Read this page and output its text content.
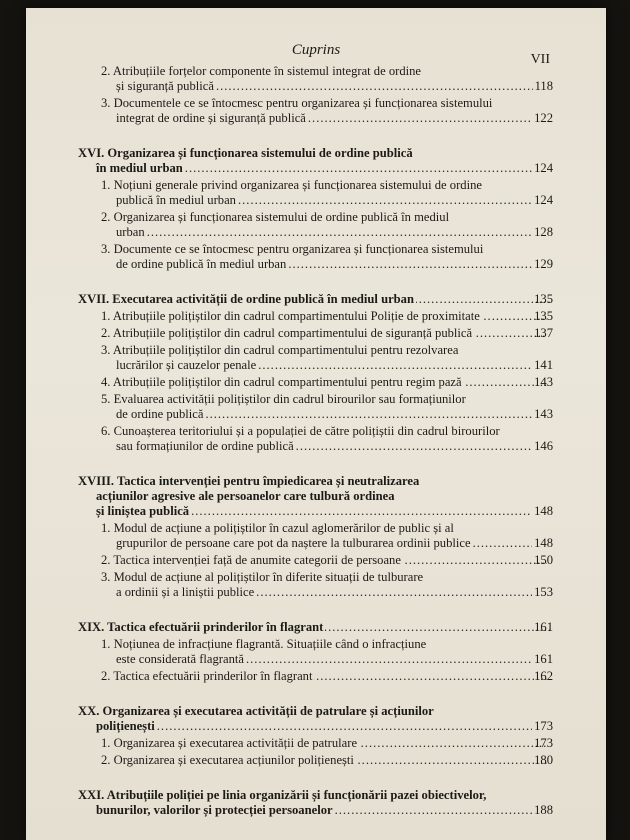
Cuprins
VII
2. Atribuțiile forțelor componente în sistemul integrat de ordine
și siguranță publică .....	118
3. Documentele ce se întocmesc pentru organizarea și funcționarea sistemului
integrat de ordine și siguranță publică .....	122
XVI. Organizarea și funcționarea sistemului de ordine publică
în mediul urban .....	124
1. Noțiuni generale privind organizarea și funcționarea sistemului de ordine
publică în mediul urban .....	124
2. Organizarea și funcționarea sistemului de ordine publică în mediul
urban .....	128
3. Documente ce se întocmesc pentru organizarea și funcționarea sistemului
de ordine publică în mediul urban .....	129
XVII. Executarea activității de ordine publică în mediul urban .....	135
1. Atribuțiile polițiștilor din cadrul compartimentului Poliție de proximitate .....	135
2. Atribuțiile polițiștilor din cadrul compartimentului de siguranță publică .....	137
3. Atribuțiile polițiștilor din cadrul compartimentului pentru rezolvarea
lucrărilor și cauzelor penale .....	141
4. Atribuțiile polițiștilor din cadrul compartimentului pentru regim pază .....	143
5. Evaluarea activității polițiștilor din cadrul birourilor sau formațiunilor
de ordine publică .....	143
6. Cunoașterea teritoriului și a populației de către polițiștii din cadrul birourilor
sau formațiunilor de ordine publică .....	146
XVIII. Tactica intervenției pentru împiedicarea și neutralizarea
acțiunilor agresive ale persoanelor care tulbură ordinea
și liniștea publică .....	148
1. Modul de acțiune a polițiștilor în cazul aglomerărilor de public și al
grupurilor de persoane care pot da naștere la tulburarea ordinii publice .....	148
2. Tactica intervenției față de anumite categorii de persoane .....	150
3. Modul de acțiune al polițiștilor în diferite situații de tulburare
a ordinii și a liniștii publice .....	153
XIX. Tactica efectuării prinderilor în flagrant .....	161
1. Noțiunea de infracțiune flagrantă. Situațiile când o infracțiune
este considerată flagrantă .....	161
2. Tactica efectuării prinderilor în flagrant .....	162
XX. Organizarea și executarea activității de patrulare și acțiunilor
polițienești .....	173
1. Organizarea și executarea activității de patrulare .....	173
2. Organizarea și executarea acțiunilor polițienești .....	180
XXI. Atribuțiile poliției pe linia organizării și funcționării pazei obiectivelor,
bunurilor, valorilor și protecției persoanelor .....	188
